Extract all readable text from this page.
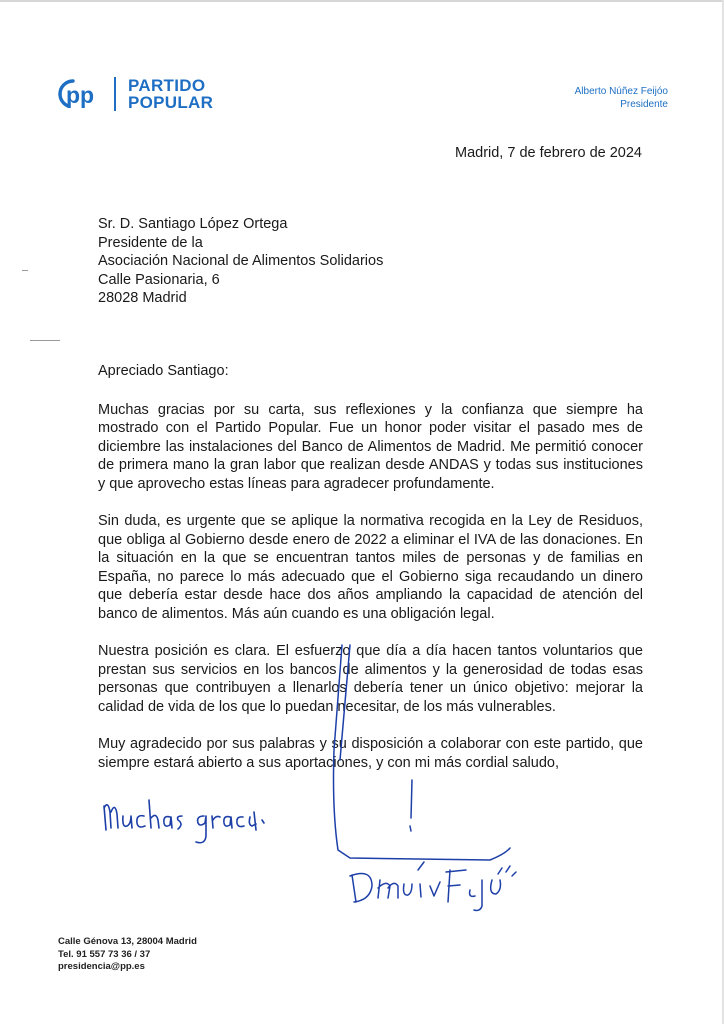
pp PARTIDO
POPULAR
Alberto Núñez Feijóo
Presidente
Madrid, 7 de febrero de 2024
Sr. D. Santiago López Ortega
Presidente de la
Asociación Nacional de Alimentos Solidarios
Calle Pasionaria, 6
28028 Madrid

Apreciado Santiago:

Muchas gracias por su carta, sus reflexiones y la confianza que siempre ha mostrado con el Partido Popular. Fue un honor poder visitar el pasado mes de diciembre las instalaciones del Banco de Alimentos de Madrid. Me permitió conocer de primera mano la gran labor que realizan desde ANDAS y todas sus instituciones y que aprovecho estas líneas para agradecer profundamente.

Sin duda, es urgente que se aplique la normativa recogida en la Ley de Residuos, que obliga al Gobierno desde enero de 2022 a eliminar el IVA de las donaciones. En la situación en la que se encuentran tantos miles de personas y de familias en España, no parece lo más adecuado que el Gobierno siga recaudando un dinero que debería estar desde hace dos años ampliando la capacidad de atención del banco de alimentos. Más aún cuando es una obligación legal.

Nuestra posición es clara. El esfuerzo que día a día hacen tantos voluntarios que prestan sus servicios en los bancos de alimentos y la generosidad de todas esas personas que contribuyen a llenarlos debería tener un único objetivo: mejorar la calidad de vida de los que lo puedan necesitar, de los más vulnerables.

Muy agradecido por sus palabras y su disposición a colaborar con este partido, que siempre estará abierto a sus aportaciones, y con mi más cordial saludo,

Calle Génova 13, 28004 Madrid
Tel. 91 557 73 36 / 37
presidencia@pp.es
